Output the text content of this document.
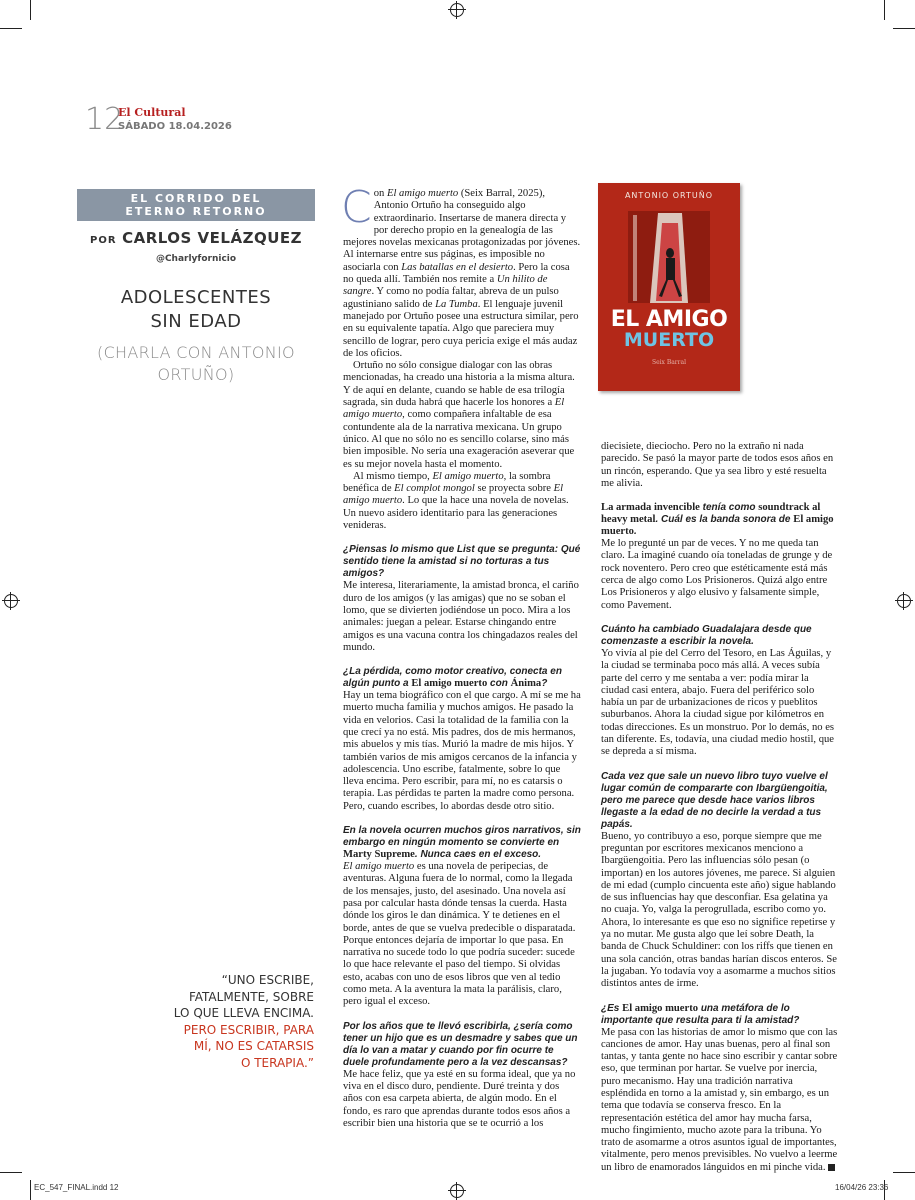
12
El Cultural
SÁBADO 18.04.2026
EL CORRIDO DEL
ETERNO RETORNO
POR CARLOS VELÁZQUEZ
@Charlyfornicio
ADOLESCENTES
SIN EDAD
(CHARLA CON ANTONIO
ORTUÑO)
“UNO ESCRIBE,
FATALMENTE, SOBRE
LO QUE LLEVA ENCIMA.
PERO ESCRIBIR, PARA
MÍ, NO ES CATARSIS
O TERAPIA.”
ANTONIO ORTUÑO
EL AMIGO
MUERTO
Seix Barral

Con El amigo muerto (Seix Barral, 2025), Antonio Ortuño ha conseguido algo extraordinario. Insertarse de manera directa y por derecho propio en la genealogía de las mejores novelas mexicanas protagonizadas por jóvenes. Al internarse entre sus páginas, es imposible no asociarla con Las batallas en el desierto. Pero la cosa no queda allí. También nos remite a Un hilito de sangre. Y como no podía faltar, abreva de un pulso agustiniano salido de La Tumba. El lenguaje juvenil manejado por Ortuño posee una estructura similar, pero en su equivalente tapatía. Algo que pareciera muy sencillo de lograr, pero cuya pericia exige el más audaz de los oficios.

Ortuño no sólo consigue dialogar con las obras mencionadas, ha creado una historia a la misma altura. Y de aquí en delante, cuando se hable de esa trilogía sagrada, sin duda habrá que hacerle los honores a El amigo muerto, como compañera infaltable de esa contundente ala de la narrativa mexicana. Un grupo único. Al que no sólo no es sencillo colarse, sino más bien imposible. No sería una exageración aseverar que es su mejor novela hasta el momento.

Al mismo tiempo, El amigo muerto, la sombra benéfica de El complot mongol se proyecta sobre El amigo muerto. Lo que la hace una novela de novelas. Un nuevo asidero identitario para las generaciones venideras.

¿Piensas lo mismo que List que se pregunta: Qué sentido tiene la amistad si no torturas a tus amigos?

Me interesa, literariamente, la amistad bronca, el cariño duro de los amigos (y las amigas) que no se soban el lomo, que se divierten jodiéndose un poco. Mira a los animales: juegan a pelear. Estarse chingando entre amigos es una vacuna contra los chingadazos reales del mundo.

¿La pérdida, como motor creativo, conecta en algún punto a El amigo muerto con Ánima?

Hay un tema biográfico con el que cargo. A mí se me ha muerto mucha familia y muchos amigos. He pasado la vida en velorios. Casi la totalidad de la familia con la que crecí ya no está. Mis padres, dos de mis hermanos, mis abuelos y mis tías. Murió la madre de mis hijos. Y también varios de mis amigos cercanos de la infancia y adolescencia. Uno escribe, fatalmente, sobre lo que lleva encima. Pero escribir, para mí, no es catarsis o terapia. Las pérdidas te parten la madre como persona. Pero, cuando escribes, lo abordas desde otro sitio.

En la novela ocurren muchos giros narrativos, sin embargo en ningún momento se convierte en Marty Supreme. Nunca caes en el exceso.

El amigo muerto es una novela de peripecias, de aventuras. Alguna fuera de lo normal, como la llegada de los mensajes, justo, del asesinado. Una novela así pasa por calcular hasta dónde tensas la cuerda. Hasta dónde los giros le dan dinámica. Y te detienes en el borde, antes de que se vuelva predecible o disparatada. Porque entonces dejaría de importar lo que pasa. En narrativa no sucede todo lo que podría suceder: sucede lo que hace relevante el paso del tiempo. Si olvidas esto, acabas con uno de esos libros que ven al tedio como meta. A la aventura la mata la parálisis, claro, pero igual el exceso.

Por los años que te llevó escribirla, ¿sería como tener un hijo que es un desmadre y sabes que un día lo van a matar y cuando por fin ocurre te duele profundamente pero a la vez descansas?

Me hace feliz, que ya esté en su forma ideal, que ya no viva en el disco duro, pendiente. Duré treinta y dos años con esa carpeta abierta, de algún modo. En el fondo, es raro que aprendas durante todos esos años a escribir bien una historia que se te ocurrió a los

diecisiete, dieciocho. Pero no la extraño ni nada parecido. Se pasó la mayor parte de todos esos años en un rincón, esperando. Que ya sea libro y esté resuelta me alivia.

La armada invencible tenía como soundtrack al heavy metal. Cuál es la banda sonora de El amigo muerto.

Me lo pregunté un par de veces. Y no me queda tan claro. La imaginé cuando oía toneladas de grunge y de rock noventero. Pero creo que estéticamente está más cerca de algo como Los Prisioneros. Quizá algo entre Los Prisioneros y algo elusivo y falsamente simple, como Pavement.

Cuánto ha cambiado Guadalajara desde que comenzaste a escribir la novela.

Yo vivía al pie del Cerro del Tesoro, en Las Águilas, y la ciudad se terminaba poco más allá. A veces subía parte del cerro y me sentaba a ver: podía mirar la ciudad casi entera, abajo. Fuera del periférico solo había un par de urbanizaciones de ricos y pueblitos suburbanos. Ahora la ciudad sigue por kilómetros en todas direcciones. Es un monstruo. Por lo demás, no es tan diferente. Es, todavía, una ciudad medio hostil, que se depreda a sí misma.

Cada vez que sale un nuevo libro tuyo vuelve el lugar común de compararte con Ibargüengoitia, pero me parece que desde hace varios libros llegaste a la edad de no decirle la verdad a tus papás.

Bueno, yo contribuyo a eso, porque siempre que me preguntan por escritores mexicanos menciono a Ibargüengoitia. Pero las influencias sólo pesan (o importan) en los autores jóvenes, me parece. Si alguien de mi edad (cumplo cincuenta este año) sigue hablando de sus influencias hay que desconfiar. Esa gelatina ya no cuaja. Yo, valga la perogrullada, escribo como yo. Ahora, lo interesante es que eso no significe repetirse y ya no mutar. Me gusta algo que leí sobre Death, la banda de Chuck Schuldiner: con los riffs que tienen en una sola canción, otras bandas harían discos enteros. Se la jugaban. Yo todavía voy a asomarme a muchos sitios distintos antes de irme.

¿Es El amigo muerto una metáfora de lo importante que resulta para ti la amistad?

Me pasa con las historias de amor lo mismo que con las canciones de amor. Hay unas buenas, pero al final son tantas, y tanta gente no hace sino escribir y cantar sobre eso, que terminan por hartar. Se vuelve por inercia, puro mecanismo. Hay una tradición narrativa espléndida en torno a la amistad y, sin embargo, es un tema que todavía se conserva fresco. En la representación estética del amor hay mucha farsa, mucho fingimiento, mucho azote para la tribuna. Yo trato de asomarme a otros asuntos igual de importantes, vitalmente, pero menos previsibles. No vuelvo a leerme un libro de enamorados lánguidos en mi pinche vida.

EC_547_FINAL.indd 12	16/04/26 23:36
